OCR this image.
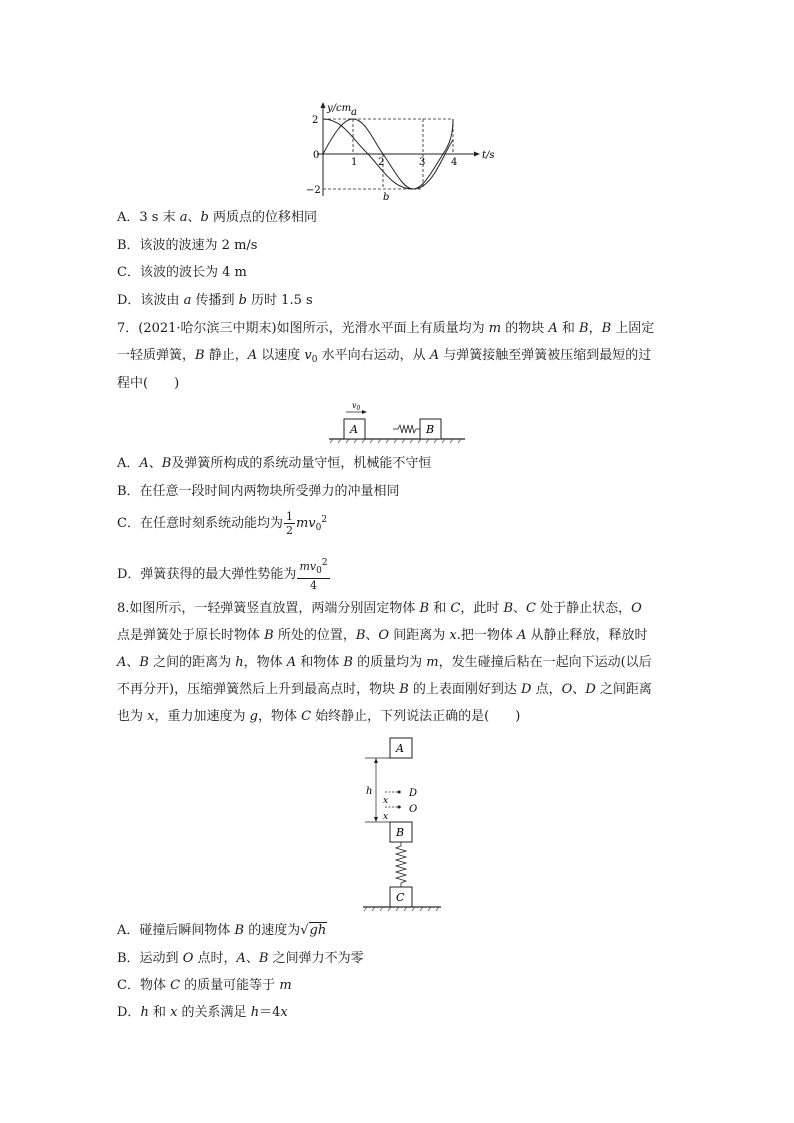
y/cm
t/s
2
0
−2
1 2	3	4
a
b
A．3 s 末 a、b 两质点的位移相同
B．该波的波速为 2 m/s
C．该波的波长为 4 m
D．该波由 a 传播到 b 历时 1.5 s
7．(2021·哈尔滨三中期末)如图所示，光滑水平面上有质量均为 m 的物块 A 和 B，B 上固定
一轻质弹簧，B 静止，A 以速度 $v_0$ 水平向右运动，从 A 与弹簧接触至弹簧被压缩到最短的过
程中(　　)
A
$v_0$
B
A．A、B及弹簧所构成的系统动量守恒，机械能不守恒
B．在任意一段时间内两物块所受弹力的冲量相同
C．在任意时刻系统动能均为 $\frac{1}{2} mv_0^2$
D．弹簧获得的最大弹性势能为 $\frac{mv_0^2}{4}$
8.如图所示，一轻弹簧竖直放置，两端分别固定物体 B 和 C，此时 B、C 处于静止状态，O
点是弹簧处于原长时物体 B 所处的位置，B、O 间距离为 x.把一物体 A 从静止释放，释放时
A、B 之间的距离为 h，物体 A 和物体 B 的质量均为 m，发生碰撞后粘在一起向下运动(以后
不再分开)，压缩弹簧然后上升到最高点时，物块 B 的上表面刚好到达 D 点，O、D 之间距离
也为 x，重力加速度为 g，物体 C 始终静止，下列说法正确的是(　　)
A
h	D
O
x
x
B
C
A．碰撞后瞬间物体 B 的速度为√gh
B．运动到 O 点时，A、B 之间弹力不为零
C．物体 C 的质量可能等于 m
D．h 和 x 的关系满足 h＝4x
